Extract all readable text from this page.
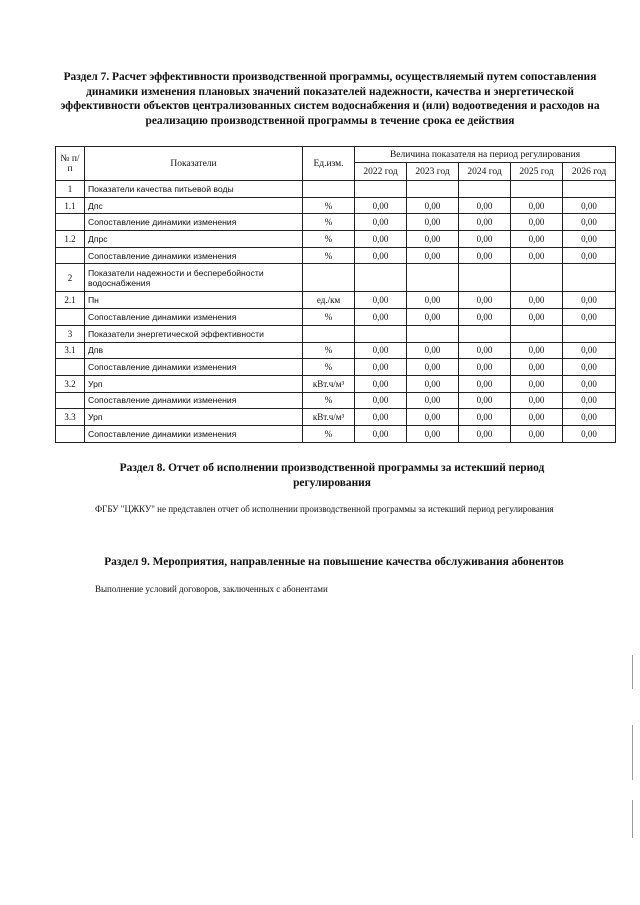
Раздел 7. Расчет эффективности производственной программы, осуществляемый путем сопоставления динамики изменения плановых значений показателей надежности, качества и энергетической эффективности объектов централизованных систем водоснабжения и (или) водоотведения и расходов на реализацию производственной программы в течение срока ее действия
№ п/п	Показатели	Ед.изм.	Величина показателя на период регулирования				
			2022 год	2023 год	2024 год	2025 год	2026 год
1	Показатели качества питьевой воды						
1.1	Дпс	%	0,00	0,00	0,00	0,00	0,00
	Сопоставление динамики изменения	%	0,00	0,00	0,00	0,00	0,00
1.2	Дпрс	%	0,00	0,00	0,00	0,00	0,00
	Сопоставление динамики изменения	%	0,00	0,00	0,00	0,00	0,00
2	Показатели надежности и бесперебойности водоснабжения						
2.1	Пн	ед./км	0,00	0,00	0,00	0,00	0,00
	Сопоставление динамики изменения	%	0,00	0,00	0,00	0,00	0,00
3	Показатели энергетической эффективности						
3.1	Дпв	%	0,00	0,00	0,00	0,00	0,00
	Сопоставление динамики изменения	%	0,00	0,00	0,00	0,00	0,00
3.2	Урп	кВт.ч/м³	0,00	0,00	0,00	0,00	0,00
	Сопоставление динамики изменения	%	0,00	0,00	0,00	0,00	0,00
3.3	Урп	кВт.ч/м³	0,00	0,00	0,00	0,00	0,00
	Сопоставление динамики изменения	%	0,00	0,00	0,00	0,00	0,00
Раздел 8. Отчет об исполнении производственной программы за истекший период регулирования
ФГБУ "ЦЖКУ" не представлен отчет об исполнении производственной программы за истекший период регулирования
Раздел 9. Мероприятия, направленные на повышение качества обслуживания абонентов
Выполнение условий договоров, заключенных с абонентами
